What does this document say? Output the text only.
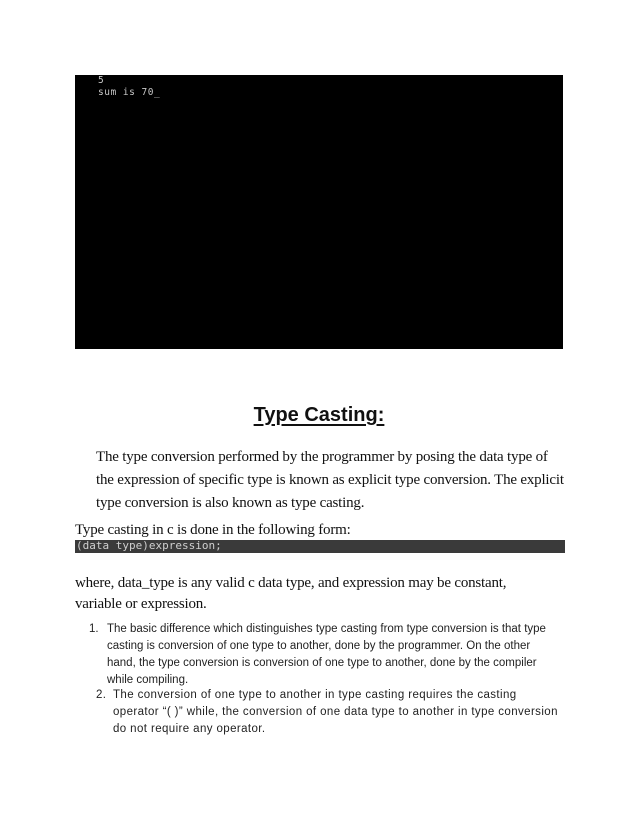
5
sum is 70_
Type Casting:
The type conversion performed by the programmer by posing the data type of the expression of specific type is known as explicit type conversion. The explicit type conversion is also known as type casting.
Type casting in c is done in the following form:
(data type)expression;
where, data_type is any valid c data type, and expression may be constant, variable or expression.
1. The basic difference which distinguishes type casting from type conversion is that type casting is conversion of one type to another, done by the programmer. On the other hand, the type conversion is conversion of one type to another, done by the compiler while compiling.
2. The conversion of one type to another in type casting requires the casting operator “( )” while, the conversion of one data type to another in type conversion do not require any operator.
